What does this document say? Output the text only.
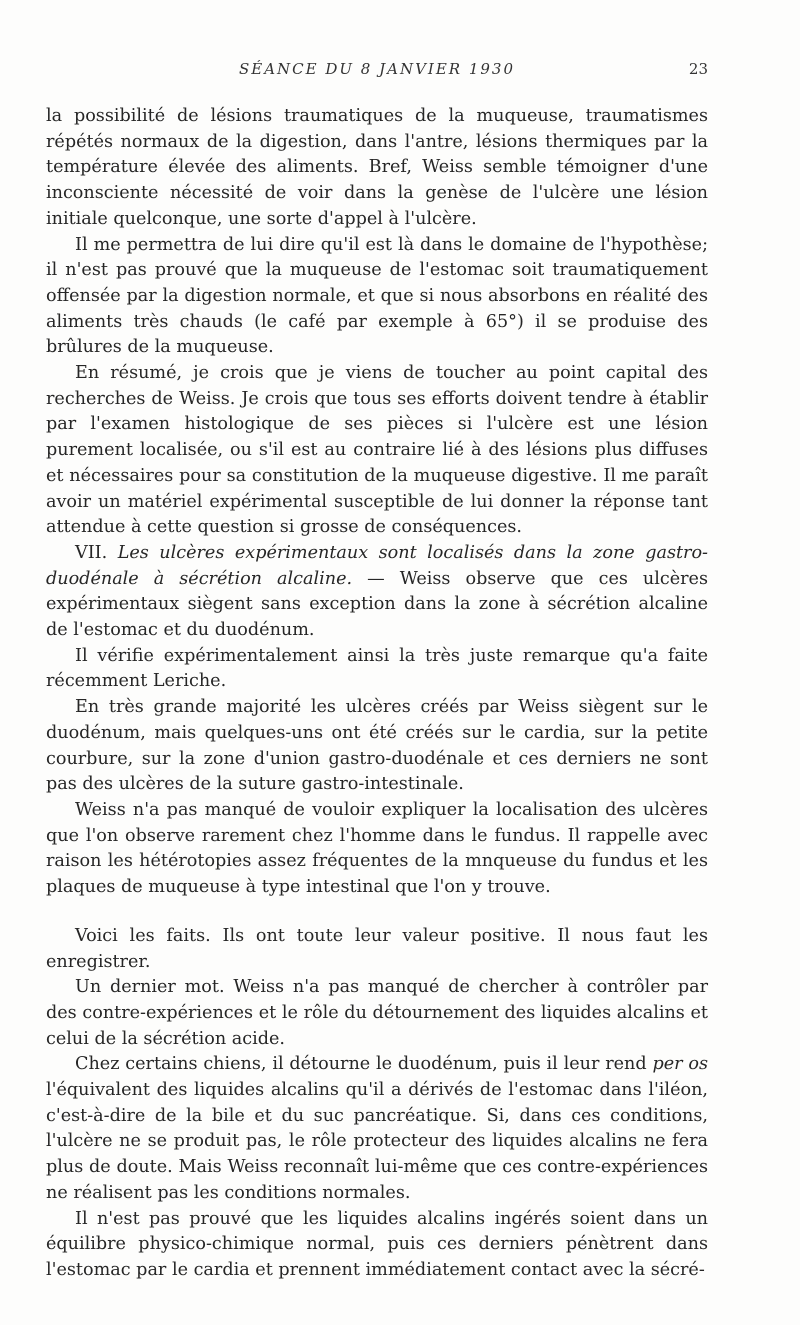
SÉANCE DU 8 JANVIER 1930	23

la possibilité de lésions traumatiques de la muqueuse, traumatismes répétés normaux de la digestion, dans l'antre, lésions thermiques par la température élevée des aliments. Bref, Weiss semble témoigner d'une inconsciente nécessité de voir dans la genèse de l'ulcère une lésion initiale quelconque, une sorte d'appel à l'ulcère.

Il me permettra de lui dire qu'il est là dans le domaine de l'hypothèse; il n'est pas prouvé que la muqueuse de l'estomac soit traumatiquement offensée par la digestion normale, et que si nous absorbons en réalité des aliments très chauds (le café par exemple à 65°) il se produise des brûlures de la muqueuse.

En résumé, je crois que je viens de toucher au point capital des recherches de Weiss. Je crois que tous ses efforts doivent tendre à établir par l'examen histologique de ses pièces si l'ulcère est une lésion purement localisée, ou s'il est au contraire lié à des lésions plus diffuses et nécessaires pour sa constitution de la muqueuse digestive. Il me paraît avoir un matériel expérimental susceptible de lui donner la réponse tant attendue à cette question si grosse de conséquences.

VII. Les ulcères expérimentaux sont localisés dans la zone gastro-duodénale à sécrétion alcaline. — Weiss observe que ces ulcères expérimentaux siègent sans exception dans la zone à sécrétion alcaline de l'estomac et du duodénum.

Il vérifie expérimentalement ainsi la très juste remarque qu'a faite récemment Leriche.

En très grande majorité les ulcères créés par Weiss siègent sur le duodénum, mais quelques-uns ont été créés sur le cardia, sur la petite courbure, sur la zone d'union gastro-duodénale et ces derniers ne sont pas des ulcères de la suture gastro-intestinale.

Weiss n'a pas manqué de vouloir expliquer la localisation des ulcères que l'on observe rarement chez l'homme dans le fundus. Il rappelle avec raison les hétérotopies assez fréquentes de la mnqueuse du fundus et les plaques de muqueuse à type intestinal que l'on y trouve.

Voici les faits. Ils ont toute leur valeur positive. Il nous faut les enregistrer.

Un dernier mot. Weiss n'a pas manqué de chercher à contrôler par des contre-expériences et le rôle du détournement des liquides alcalins et celui de la sécrétion acide.

Chez certains chiens, il détourne le duodénum, puis il leur rend per os l'équivalent des liquides alcalins qu'il a dérivés de l'estomac dans l'iléon, c'est-à-dire de la bile et du suc pancréatique. Si, dans ces conditions, l'ulcère ne se produit pas, le rôle protecteur des liquides alcalins ne fera plus de doute. Mais Weiss reconnaît lui-même que ces contre-expériences ne réalisent pas les conditions normales.

Il n'est pas prouvé que les liquides alcalins ingérés soient dans un équilibre physico-chimique normal, puis ces derniers pénètrent dans l'estomac par le cardia et prennent immédiatement contact avec la sécré-
